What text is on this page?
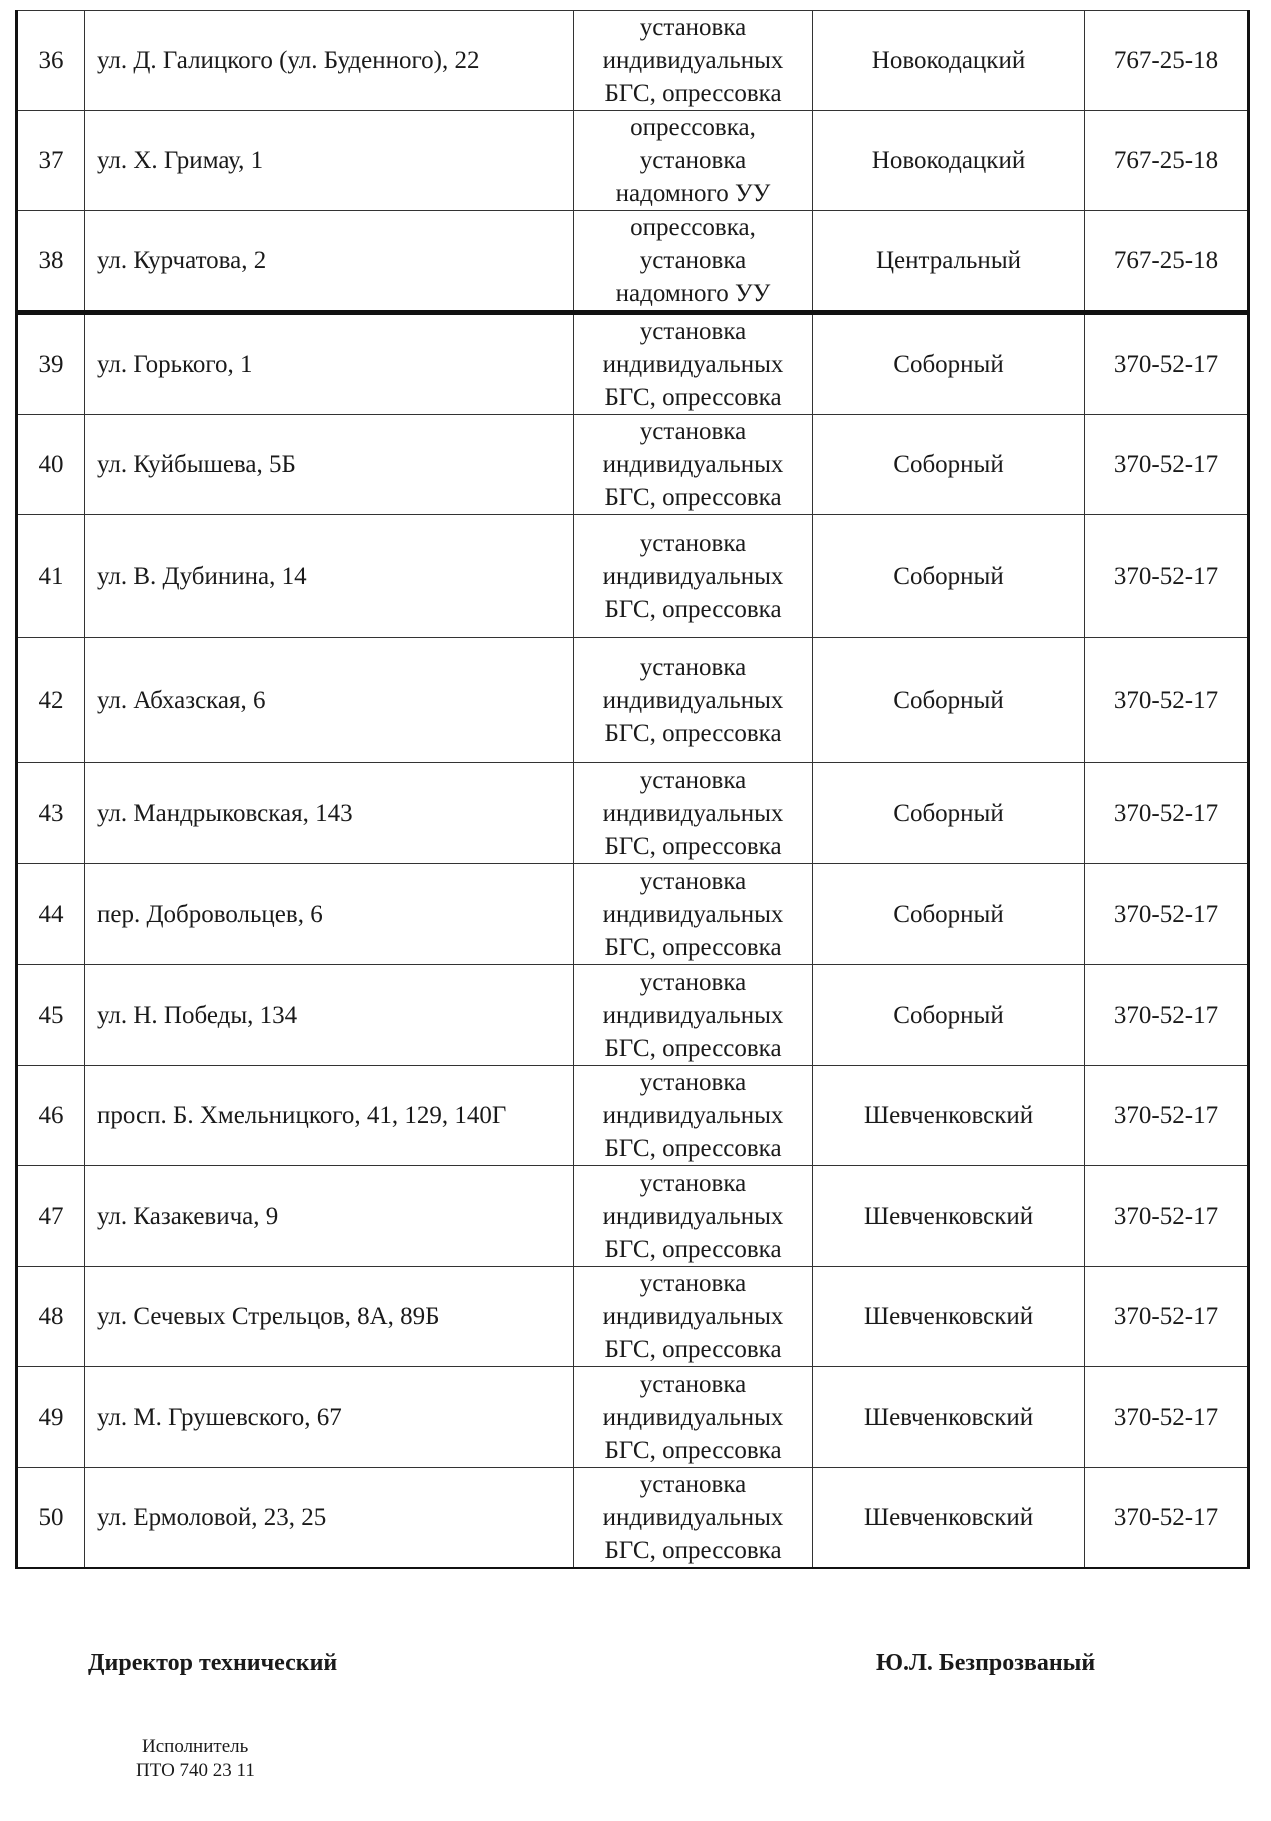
36	ул. Д. Галицкого (ул. Буденного), 22	установка
индивидуальных
БГС, опрессовка	Новокодацкий	767-25-18
37	ул. Х. Гримау, 1	опрессовка,
установка
надомного УУ	Новокодацкий	767-25-18
38	ул. Курчатова, 2	опрессовка,
установка
надомного УУ	Центральный	767-25-18
39	ул. Горького, 1	установка
индивидуальных
БГС, опрессовка	Соборный	370-52-17
40	ул. Куйбышева, 5Б	установка
индивидуальных
БГС, опрессовка	Соборный	370-52-17
41	ул. В. Дубинина, 14	установка
индивидуальных
БГС, опрессовка	Соборный	370-52-17
42	ул. Абхазская, 6	установка
индивидуальных
БГС, опрессовка	Соборный	370-52-17
43	ул. Мандрыковская, 143	установка
индивидуальных
БГС, опрессовка	Соборный	370-52-17
44	пер. Добровольцев, 6	установка
индивидуальных
БГС, опрессовка	Соборный	370-52-17
45	ул. Н. Победы, 134	установка
индивидуальных
БГС, опрессовка	Соборный	370-52-17
46	просп. Б. Хмельницкого, 41, 129, 140Г	установка
индивидуальных
БГС, опрессовка	Шевченковский	370-52-17
47	ул. Казакевича, 9	установка
индивидуальных
БГС, опрессовка	Шевченковский	370-52-17
48	ул. Сечевых Стрельцов, 8А, 89Б	установка
индивидуальных
БГС, опрессовка	Шевченковский	370-52-17
49	ул. М. Грушевского, 67	установка
индивидуальных
БГС, опрессовка	Шевченковский	370-52-17
50	ул. Ермоловой, 23, 25	установка
индивидуальных
БГС, опрессовка	Шевченковский	370-52-17
Директор технический	Ю.Л. Безпрозваный
Исполнитель
ПТО 740 23 11
